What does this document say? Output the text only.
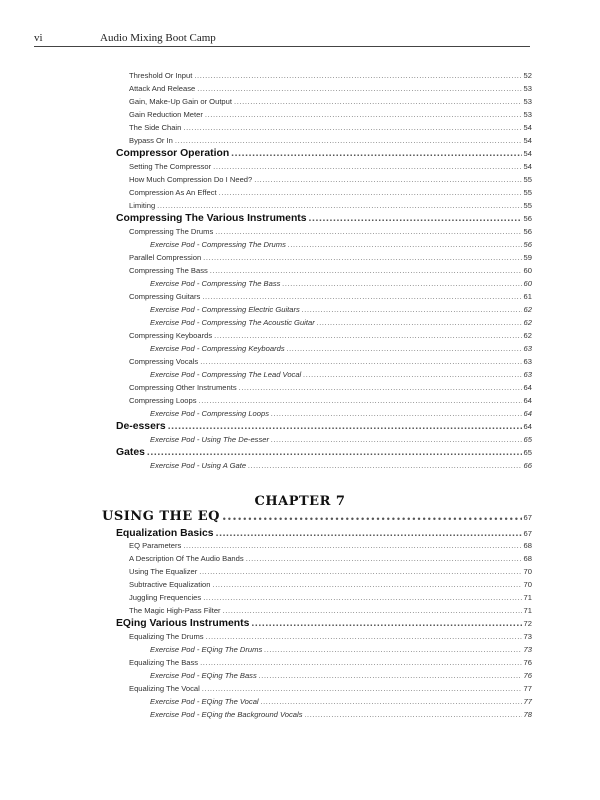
vi	Audio Mixing Boot Camp
CHAPTER 7
Threshold Or Input .....	52
Attack And Release .....	53
Gain, Make-Up Gain or Output .....	53
Gain Reduction Meter .....	53
The Side Chain .....	54
Bypass Or In .....	54
Compressor Operation .....	54
Setting The Compressor .....	54
How Much Compression Do I Need? .....	55
Compression As An Effect .....	55
Limiting .....	55
Compressing The Various Instruments .....	56
Compressing The Drums .....	56
Exercise Pod - Compressing The Drums .....	56
Parallel Compression .....	59
Compressing The Bass .....	60
Exercise Pod - Compressing The Bass .....	60
Compressing Guitars .....	61
Exercise Pod - Compressing Electric Guitars .....	62
Exercise Pod - Compressing The Acoustic Guitar .....	62
Compressing Keyboards .....	62
Exercise Pod - Compressing Keyboards .....	63
Compressing Vocals .....	63
Exercise Pod - Compressing The Lead Vocal .....	63
Compressing Other Instruments .....	64
Compressing Loops .....	64
Exercise Pod - Compressing Loops .....	64
De-essers .....	64
Exercise Pod - Using The De-esser .....	65
Gates .....	65
Exercise Pod - Using A Gate .....	66
USING THE EQ .....	67
Equalization Basics .....	67
EQ Parameters .....	68
A Description Of The Audio Bands .....	68
Using The Equalizer .....	70
Subtractive Equalization .....	70
Juggling Frequencies .....	71
The Magic High-Pass Filter .....	71
EQing Various Instruments .....	72
Equalizing The Drums .....	73
Exercise Pod - EQing The Drums .....	73
Equalizing The Bass .....	76
Exercise Pod - EQing The Bass .....	76
Equalizing The Vocal .....	77
Exercise Pod - EQing The Vocal .....	77
Exercise Pod - EQing the Background Vocals .....	78
